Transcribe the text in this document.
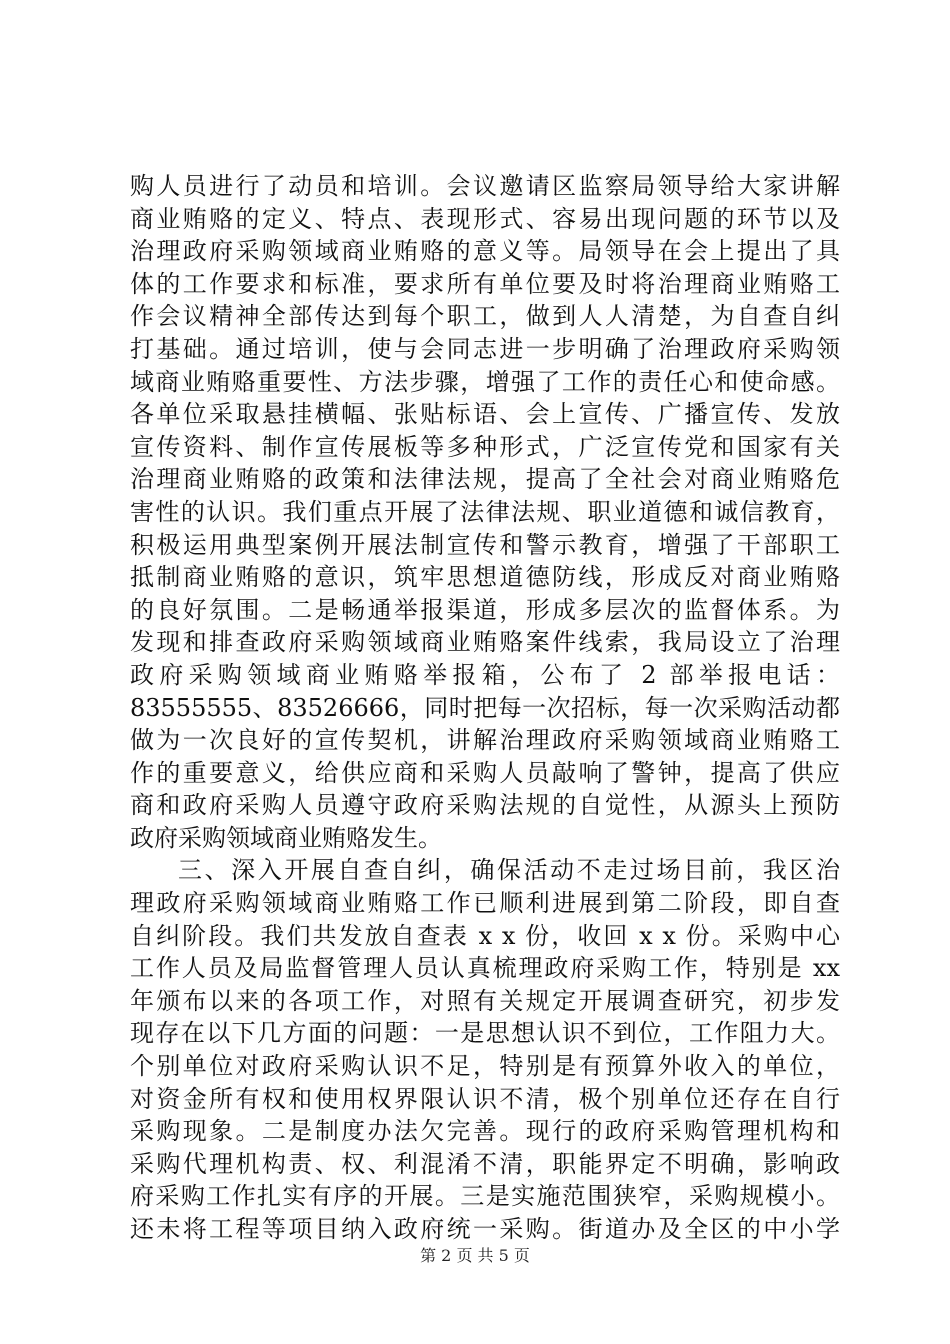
购人员进行了动员和培训。会议邀请区监察局领导给大家讲解
商业贿赂的定义、特点、表现形式、容易出现问题的环节以及
治理政府采购领域商业贿赂的意义等。局领导在会上提出了具
体的工作要求和标准，要求所有单位要及时将治理商业贿赂工
作会议精神全部传达到每个职工，做到人人清楚，为自查自纠
打基础。通过培训，使与会同志进一步明确了治理政府采购领
域商业贿赂重要性、方法步骤，增强了工作的责任心和使命感。
各单位采取悬挂横幅、张贴标语、会上宣传、广播宣传、发放
宣传资料、制作宣传展板等多种形式，广泛宣传党和国家有关
治理商业贿赂的政策和法律法规，提高了全社会对商业贿赂危
害性的认识。我们重点开展了法律法规、职业道德和诚信教育，
积极运用典型案例开展法制宣传和警示教育，增强了干部职工
抵制商业贿赂的意识，筑牢思想道德防线，形成反对商业贿赂
的良好氛围。二是畅通举报渠道，形成多层次的监督体系。为
发现和排查政府采购领域商业贿赂案件线索，我局设立了治理
政府采购领域商业贿赂举报箱，公布了 2 部举报电话：
83555555、83526666，同时把每一次招标，每一次采购活动都
做为一次良好的宣传契机，讲解治理政府采购领域商业贿赂工
作的重要意义，给供应商和采购人员敲响了警钟，提高了供应
商和政府采购人员遵守政府采购法规的自觉性，从源头上预防
政府采购领域商业贿赂发生。
三、深入开展自查自纠，确保活动不走过场目前，我区治
理政府采购领域商业贿赂工作已顺利进展到第二阶段，即自查
自纠阶段。我们共发放自查表 x x 份，收回 x x 份。采购中心
工作人员及局监督管理人员认真梳理政府采购工作，特别是 xx
年颁布以来的各项工作，对照有关规定开展调查研究，初步发
现存在以下几方面的问题：一是思想认识不到位，工作阻力大。
个别单位对政府采购认识不足，特别是有预算外收入的单位，
对资金所有权和使用权界限认识不清，极个别单位还存在自行
采购现象。二是制度办法欠完善。现行的政府采购管理机构和
采购代理机构责、权、利混淆不清，职能界定不明确，影响政
府采购工作扎实有序的开展。三是实施范围狭窄，采购规模小。
还未将工程等项目纳入政府统一采购。街道办及全区的中小学
第 2 页 共 5 页
